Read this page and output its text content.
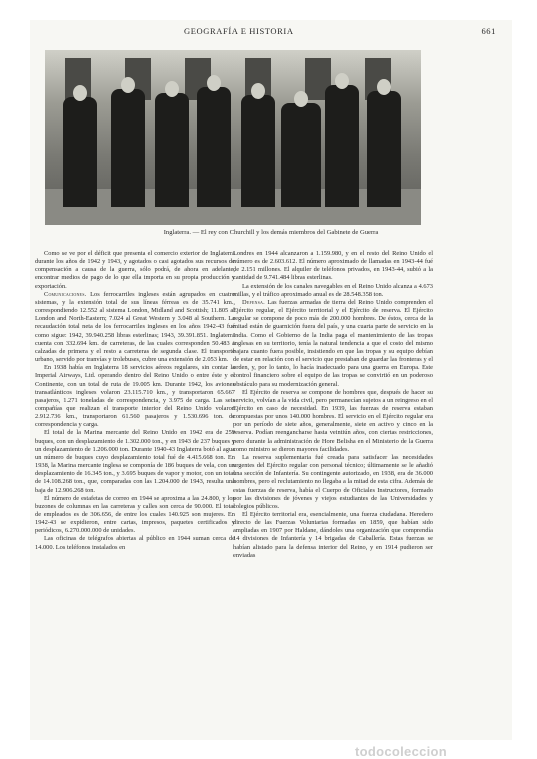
GEOGRAFÍA E HISTORIA	661
Inglaterra. — El rey con Churchill y los demás miembros del Gabinete de Guerra

Como se ve por el déficit que presenta el comercio exterior de Inglaterra durante los años de 1942 y 1943, y agotados o casi agotados sus recursos de compensación a causa de la guerra, sólo podrá, de ahora en adelante, encontrar medios de pago de lo que ella importa en su propia producción y exportación.

Comunicaciones. Los ferrocarriles ingleses están agrupados en cuatro sistemas, y la extensión total de sus líneas férreas es de 35.741 km., correspondiendo 12.552 al sistema London, Midland and Scottish; 11.805 al London and North-Eastern; 7.024 al Great Western y 3.048 al Southern. La recaudación total neta de los ferrocarriles ingleses en los años 1942-43 fué como sigue: 1942, 39.940.258 libras esterlinas; 1943, 39.391.851. Inglaterra cuenta con 332.694 km. de carreteras, de las cuales corresponden 50.483 a calzadas de primera y el resto a carreteras de segunda clase. El transporte urbano, servido por tranvías y trolebuses, cubre una extensión de 2.053 km.

En 1938 había en Inglaterra 18 servicios aéreos regulares, sin contar la Imperial Airways, Ltd. operando dentro del Reino Unido o entre éste y el Continente, con un total de ruta de 19.005 km. Durante 1942, los aviones transatlánticos ingleses volaron 23.115.710 km., y transportaron 65.667 pasajeros, 1.271 toneladas de correspondencia, y 3.975 de carga. Las seis compañías que realizan el transporte interior del Reino Unido volaron 2.912.736 km., transportaron 61.560 pasajeros y 1.530.696 ton. de correspondencia y carga.

El total de la Marina mercante del Reino Unido en 1942 era de 259 buques, con un desplazamiento de 1.302.000 ton., y en 1943 de 237 buques y un desplazamiento de 1.206.000 ton. Durante 1940-43 Inglaterra botó al agua un número de buques cuyo desplazamiento total fué de 4.415.668 ton. En 1938, la Marina mercante inglesa se componía de 186 buques de vela, con un desplazamiento de 16.345 ton., y 3.695 buques de vapor y motor, con un total de 14.108.268 ton., que, comparadas con las 1.204.000 de 1943, resulta una baja de 12.906.268 ton.

El número de estafetas de correo en 1944 se aproxima a las 24.800, y los buzones de columnas en las carreteras y calles son cerca de 90.000. El total de empleados es de 306.656, de entre los cuales 140.925 son mujeres. En 1942-43 se expidieron, entre cartas, impresos, paquetes certificados y periódicos, 6.270.000.000 de unidades.

Las oficinas de telégrafos abiertas al público en 1944 suman cerca de 14.000. Los teléfonos instalados en

Londres en 1944 alcanzaron a 1.159.980, y en el resto del Reino Unido el número es de 2.603.612. El número aproximado de llamadas en 1943-44 fué de 2.151 millones. El alquiler de teléfonos privados, en 1943-44, subió a la cantidad de 9.741.484 libras esterlinas.

La extensión de los canales navegables en el Reino Unido alcanza a 4.673 millas, y el tráfico aproximado anual es de 28.548.358 ton.

Defensa. Las fuerzas armadas de tierra del Reino Unido comprenden el Ejército regular, el Ejército territorial y el Ejército de reserva. El Ejército regular se compone de poco más de 200.000 hombres. De éstos, cerca de la mitad están de guarnición fuera del país, y una cuarta parte de servicio en la India. Como el Gobierno de la India paga el mantenimiento de las tropas inglesas en su territorio, tenía la natural tendencia a que el costo del mismo bajara cuanto fuera posible, insistiendo en que las tropas y su equipo debían de estar en relación con el servicio que prestaban de guardar las fronteras y el orden, y, por lo tanto, lo hacía inadecuado para una guerra en Europa. Este control financiero sobre el equipo de las tropas se convirtió en un poderoso obstáculo para su modernización general.

El Ejército de reserva se compone de hombres que, después de hacer su servicio, volvían a la vida civil, pero permanecían sujetos a un reingreso en el Ejército en caso de necesidad. En 1939, las fuerzas de reserva estaban compuestas por unos 140.000 hombres. El servicio en el Ejército regular era por un período de siete años, generalmente, siete en activo y cinco en la reserva. Podían reengancharse hasta veintiún años, con ciertas restricciones, pero durante la administración de Hore Belisha en el Ministerio de la Guerra como ministro se dieron mayores facilidades.

La reserva suplementaria fué creada para satisfacer las necesidades urgentes del Ejército regular con personal técnico; últimamente se le añadió una sección de Infantería. Su contingente autorizado, en 1938, era de 36.000 hombres, pero el reclutamiento no llegaba a la mitad de esta cifra. Además de estas fuerzas de reserva, había el Cuerpo de Oficiales Instructores, formado por las divisiones de jóvenes y viejos estudiantes de las Universidades y colegios públicos.

El Ejército territorial era, esencialmente, una fuerza ciudadana. Heredero directo de las Fuerzas Voluntarias formadas en 1859, que habían sido ampliadas en 1907 por Haldane, dándoles una organización que comprendía 14 divisiones de Infantería y 14 brigadas de Caballería. Estas fuerzas se habían alistado para la defensa interior del Reino, y en 1914 pudieron ser enviadas

todocoleccion
